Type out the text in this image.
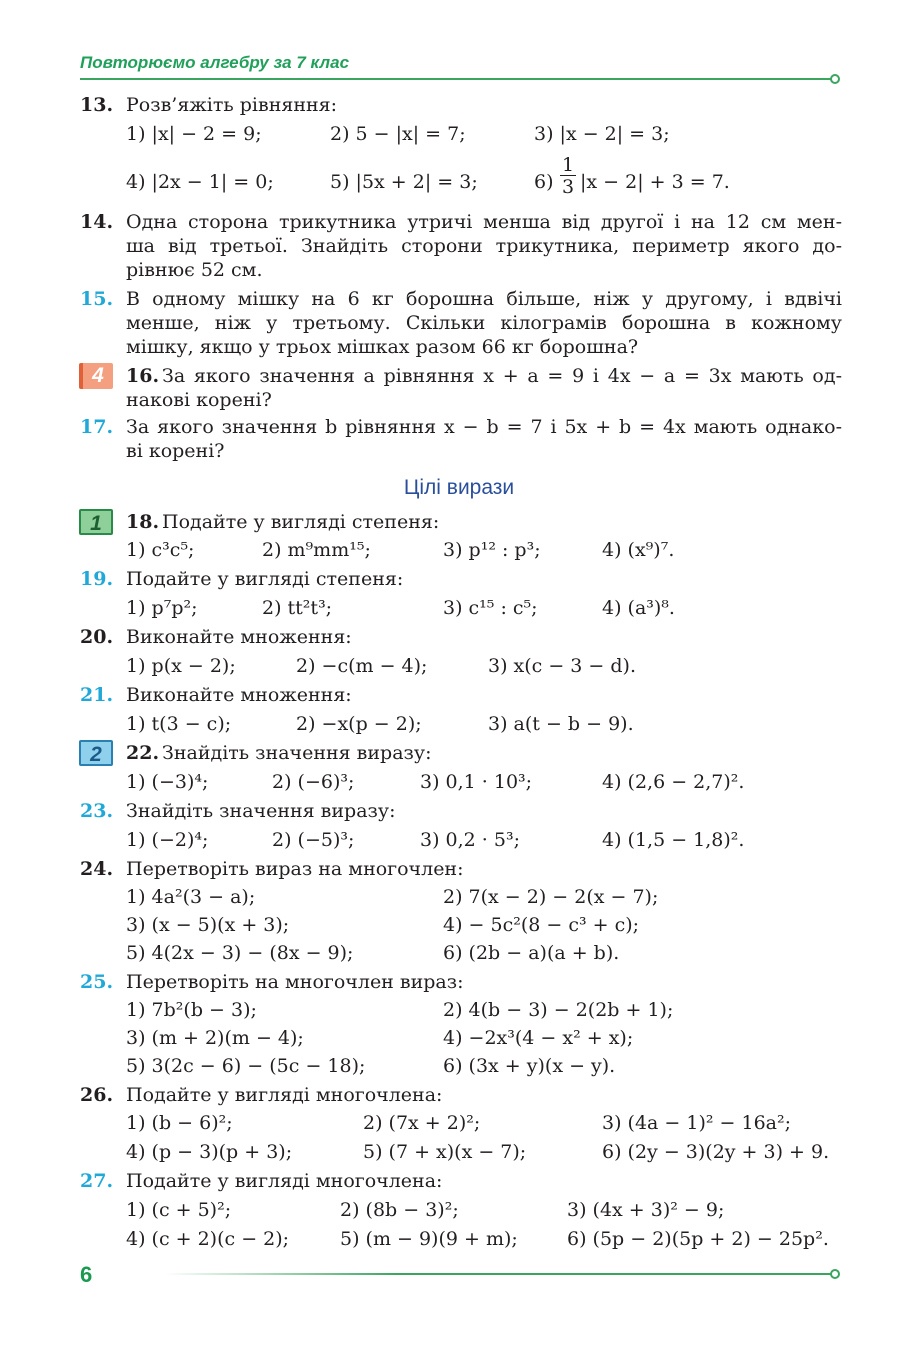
Повторюємо алгебру за 7 клас
13. Розв’яжіть рівняння:
1) |x| − 2 = 9;	2) 5 − |x| = 7;	3) |x − 2| = 3;
4) |2x − 1| = 0;	5) |5x + 2| = 3;	$6) \frac{1}{3} |x - 2| + 3 = 7$.
14. Одна сторона трикутника утричі менша від другої і на 12 см мен-
ша від третьої. Знайдіть сторони трикутника, периметр якого до-
рівнює 52 см.
15. В одному мішку на 6 кг борошна більше, ніж у другому, і вдвічі
менше, ніж у третьому. Скільки кілограмів борошна в кожному
мішку, якщо у трьох мішках разом 66 кг борошна?
4	16. За якого значення a рівняння x + a = 9 і 4x − a = 3x мають од-
накові корені?
17. За якого значення b рівняння x − b = 7 і 5x + b = 4x мають однако-
ві корені?
Цілі вирази
1	18. Подайте у вигляді степеня:
1) c³c⁵;	2) m⁹mm¹⁵;	3) p¹² : p³;	4) (x⁹)⁷.
19. Подайте у вигляді степеня:
1) p⁷p²;	2) tt²t³;	3) c¹⁵ : c⁵;	4) (a³)⁸.
20. Виконайте множення:
1) p(x − 2);	2) −c(m − 4);	3) x(c − 3 − d).
21. Виконайте множення:
1) t(3 − c);	2) −x(p − 2);	3) a(t − b − 9).
2	22. Знайдіть значення виразу:
1) (−3)⁴;	2) (−6)³;	3) 0,1 · 10³;	4) (2,6 − 2,7)².
23. Знайдіть значення виразу:
1) (−2)⁴;	2) (−5)³;	3) 0,2 · 5³;	4) (1,5 − 1,8)².
24. Перетворіть вираз на многочлен:
1) 4a²(3 − a);	2) 7(x − 2) − 2(x − 7);
3) (x − 5)(x + 3);	4) − 5c²(8 − c³ + c);
5) 4(2x − 3) − (8x − 9);	6) (2b − a)(a + b).
25. Перетворіть на многочлен вираз:
1) 7b²(b − 3);	2) 4(b − 3) − 2(2b + 1);
3) (m + 2)(m − 4);	4) −2x³(4 − x² + x);
5) 3(2c − 6) − (5c − 18);	6) (3x + y)(x − y).
26. Подайте у вигляді многочлена:
1) (b − 6)²;	2) (7x + 2)²;	3) (4a − 1)² − 16a²;
4) (p − 3)(p + 3);	5) (7 + x)(x − 7);	6) (2y − 3)(2y + 3) + 9.
27. Подайте у вигляді многочлена:
1) (c + 5)²;	2) (8b − 3)²;	3) (4x + 3)² − 9;
4) (c + 2)(c − 2);	5) (m − 9)(9 + m);	6) (5p − 2)(5p + 2) − 25p².
6
